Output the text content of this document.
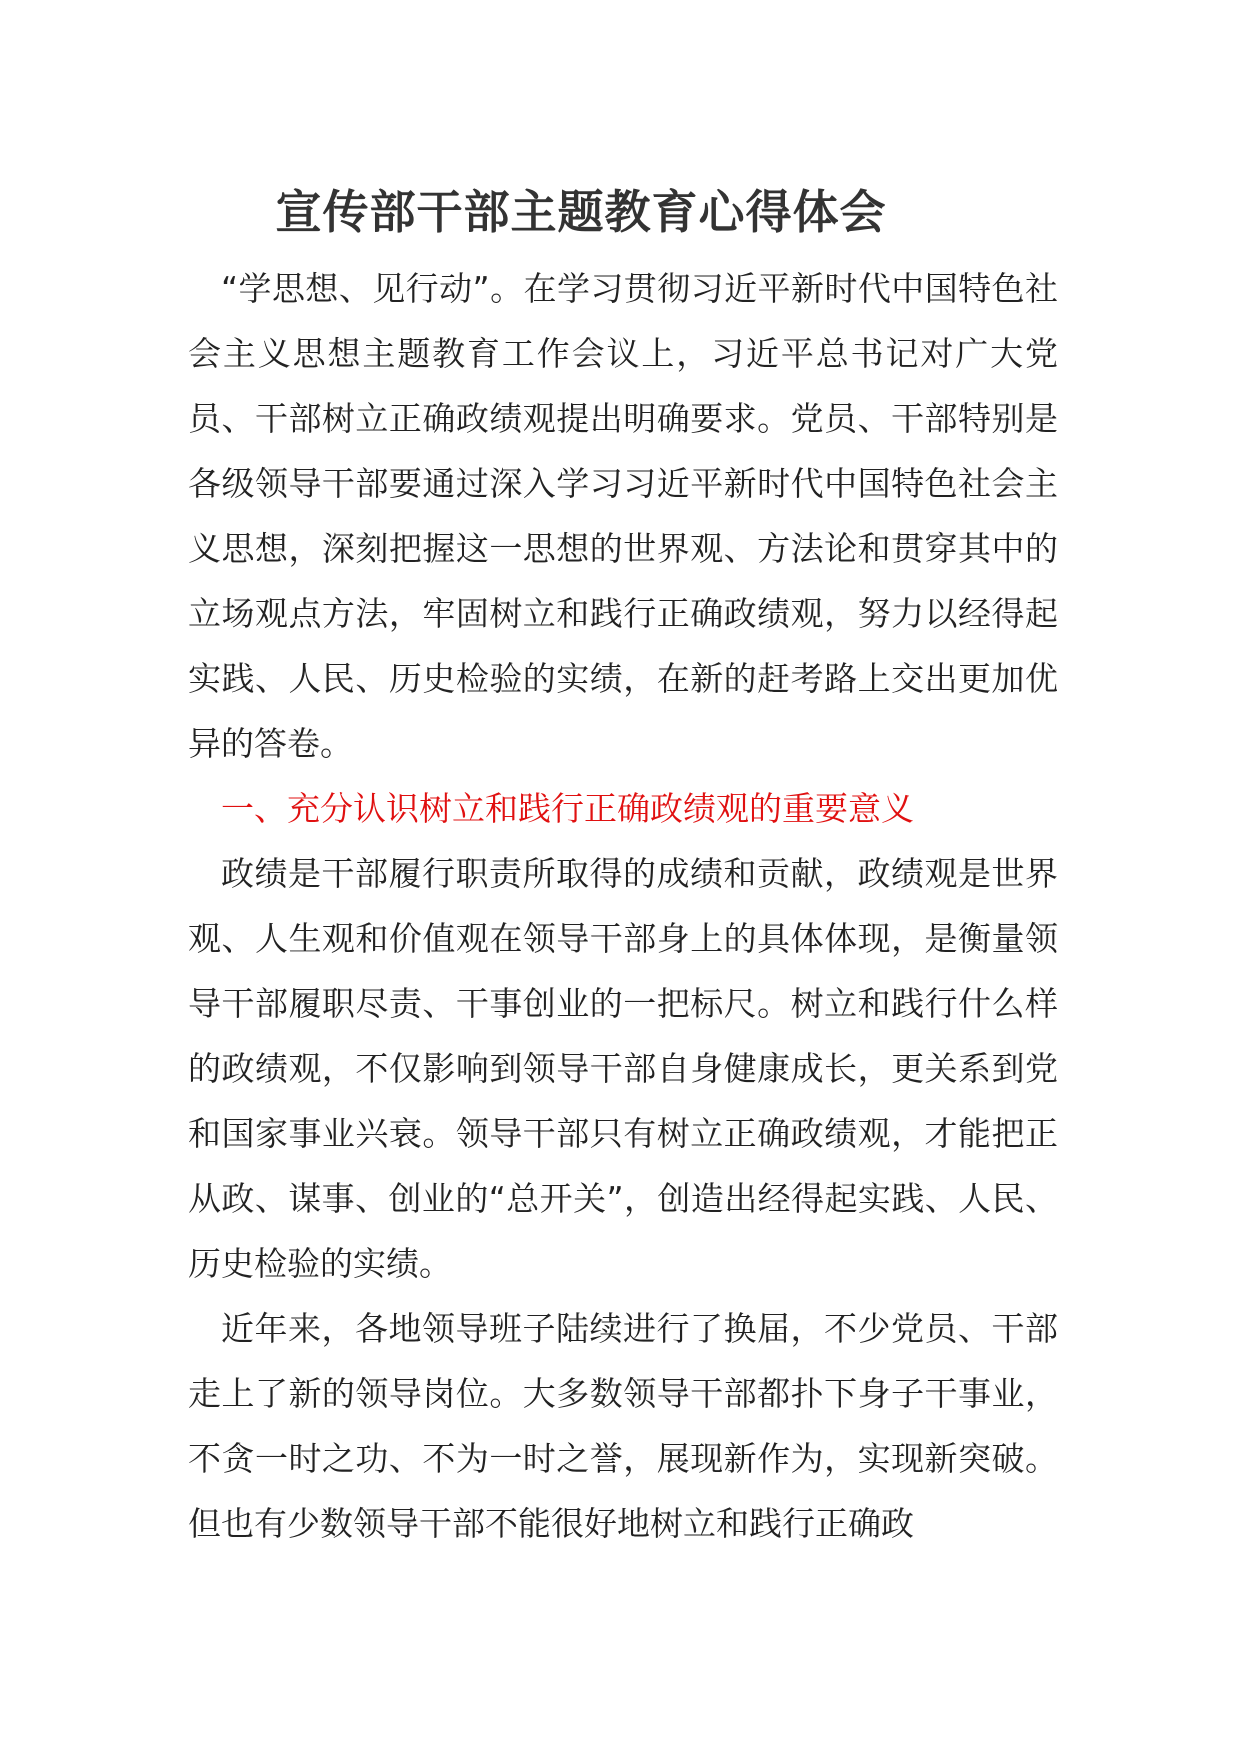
宣传部干部主题教育心得体会

“学思想、见行动”。在学习贯彻习近平新时代中国特色社会主义思想主题教育工作会议上，习近平总书记对广大党员、干部树立正确政绩观提出明确要求。党员、干部特别是各级领导干部要通过深入学习习近平新时代中国特色社会主义思想，深刻把握这一思想的世界观、方法论和贯穿其中的立场观点方法，牢固树立和践行正确政绩观，努力以经得起实践、人民、历史检验的实绩，在新的赶考路上交出更加优异的答卷。

一、充分认识树立和践行正确政绩观的重要意义

政绩是干部履行职责所取得的成绩和贡献，政绩观是世界观、人生观和价值观在领导干部身上的具体体现，是衡量领导干部履职尽责、干事创业的一把标尺。树立和践行什么样的政绩观，不仅影响到领导干部自身健康成长，更关系到党和国家事业兴衰。领导干部只有树立正确政绩观，才能把正从政、谋事、创业的“总开关”，创造出经得起实践、人民、历史检验的实绩。

近年来，各地领导班子陆续进行了换届，不少党员、干部走上了新的领导岗位。大多数领导干部都扑下身子干事业，不贪一时之功、不为一时之誉，展现新作为，实现新突破。但也有少数领导干部不能很好地树立和践行正确政
